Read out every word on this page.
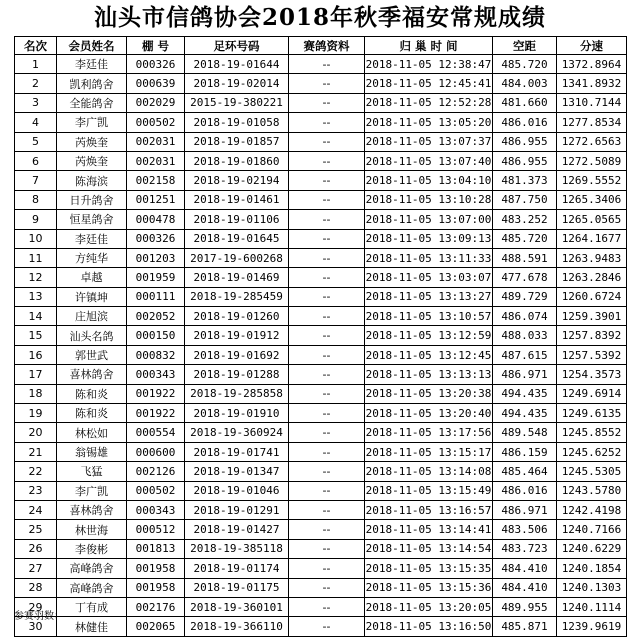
汕头市信鸽协会2018年秋季福安常规成绩
名次	会员姓名	棚 号	足环号码	赛鸽资料	归 巢 时 间	空距	分速
1	李廷佳	000326	2018-19-01644	--	2018-11-05 12:38:47	485.720	1372.8964
2	凯利鸽舍	000639	2018-19-02014	--	2018-11-05 12:45:41	484.003	1341.8932
3	全能鸽舍	002029	2015-19-380221	--	2018-11-05 12:52:28	481.660	1310.7144
4	李广凯	000502	2018-19-01058	--	2018-11-05 13:05:20	486.016	1277.8534
5	芮焕奎	002031	2018-19-01857	--	2018-11-05 13:07:37	486.955	1272.6563
6	芮焕奎	002031	2018-19-01860	--	2018-11-05 13:07:40	486.955	1272.5089
7	陈海滨	002158	2018-19-02194	--	2018-11-05 13:04:10	481.373	1269.5552
8	日升鸽舍	001251	2018-19-01461	--	2018-11-05 13:10:28	487.750	1265.3406
9	恒星鸽舍	000478	2018-19-01106	--	2018-11-05 13:07:00	483.252	1265.0565
10	李廷佳	000326	2018-19-01645	--	2018-11-05 13:09:13	485.720	1264.1677
11	方纯华	001203	2017-19-600268	--	2018-11-05 13:11:33	488.591	1263.9483
12	卓越	001959	2018-19-01469	--	2018-11-05 13:03:07	477.678	1263.2846
13	许镇坤	000111	2018-19-285459	--	2018-11-05 13:13:27	489.729	1260.6724
14	庄旭滨	002052	2018-19-01260	--	2018-11-05 13:10:57	486.074	1259.3901
15	汕头名鸽	000150	2018-19-01912	--	2018-11-05 13:12:59	488.033	1257.8392
16	郭世武	000832	2018-19-01692	--	2018-11-05 13:12:45	487.615	1257.5392
17	喜林鸽舍	000343	2018-19-01288	--	2018-11-05 13:13:13	486.971	1254.3573
18	陈和炎	001922	2018-19-285858	--	2018-11-05 13:20:38	494.435	1249.6914
19	陈和炎	001922	2018-19-01910	--	2018-11-05 13:20:40	494.435	1249.6135
20	林松如	000554	2018-19-360924	--	2018-11-05 13:17:56	489.548	1245.8552
21	翁锡雄	000600	2018-19-01741	--	2018-11-05 13:15:17	486.159	1245.6252
22	飞猛	002126	2018-19-01347	--	2018-11-05 13:14:08	485.464	1245.5305
23	李广凯	000502	2018-19-01046	--	2018-11-05 13:15:49	486.016	1243.5780
24	喜林鸽舍	000343	2018-19-01291	--	2018-11-05 13:16:57	486.971	1242.4198
25	林世海	000512	2018-19-01427	--	2018-11-05 13:14:41	483.506	1240.7166
26	李俊彬	001813	2018-19-385118	--	2018-11-05 13:14:54	483.723	1240.6229
27	高峰鸽舍	001958	2018-19-01174	--	2018-11-05 13:15:35	484.410	1240.1854
28	高峰鸽舍	001958	2018-19-01175	--	2018-11-05 13:15:36	484.410	1240.1303
29	丁有成	002176	2018-19-360101	--	2018-11-05 13:20:05	489.955	1240.1114
30	林健佳	002065	2018-19-366110	--	2018-11-05 13:16:50	485.871	1239.9619
参赛羽数：
